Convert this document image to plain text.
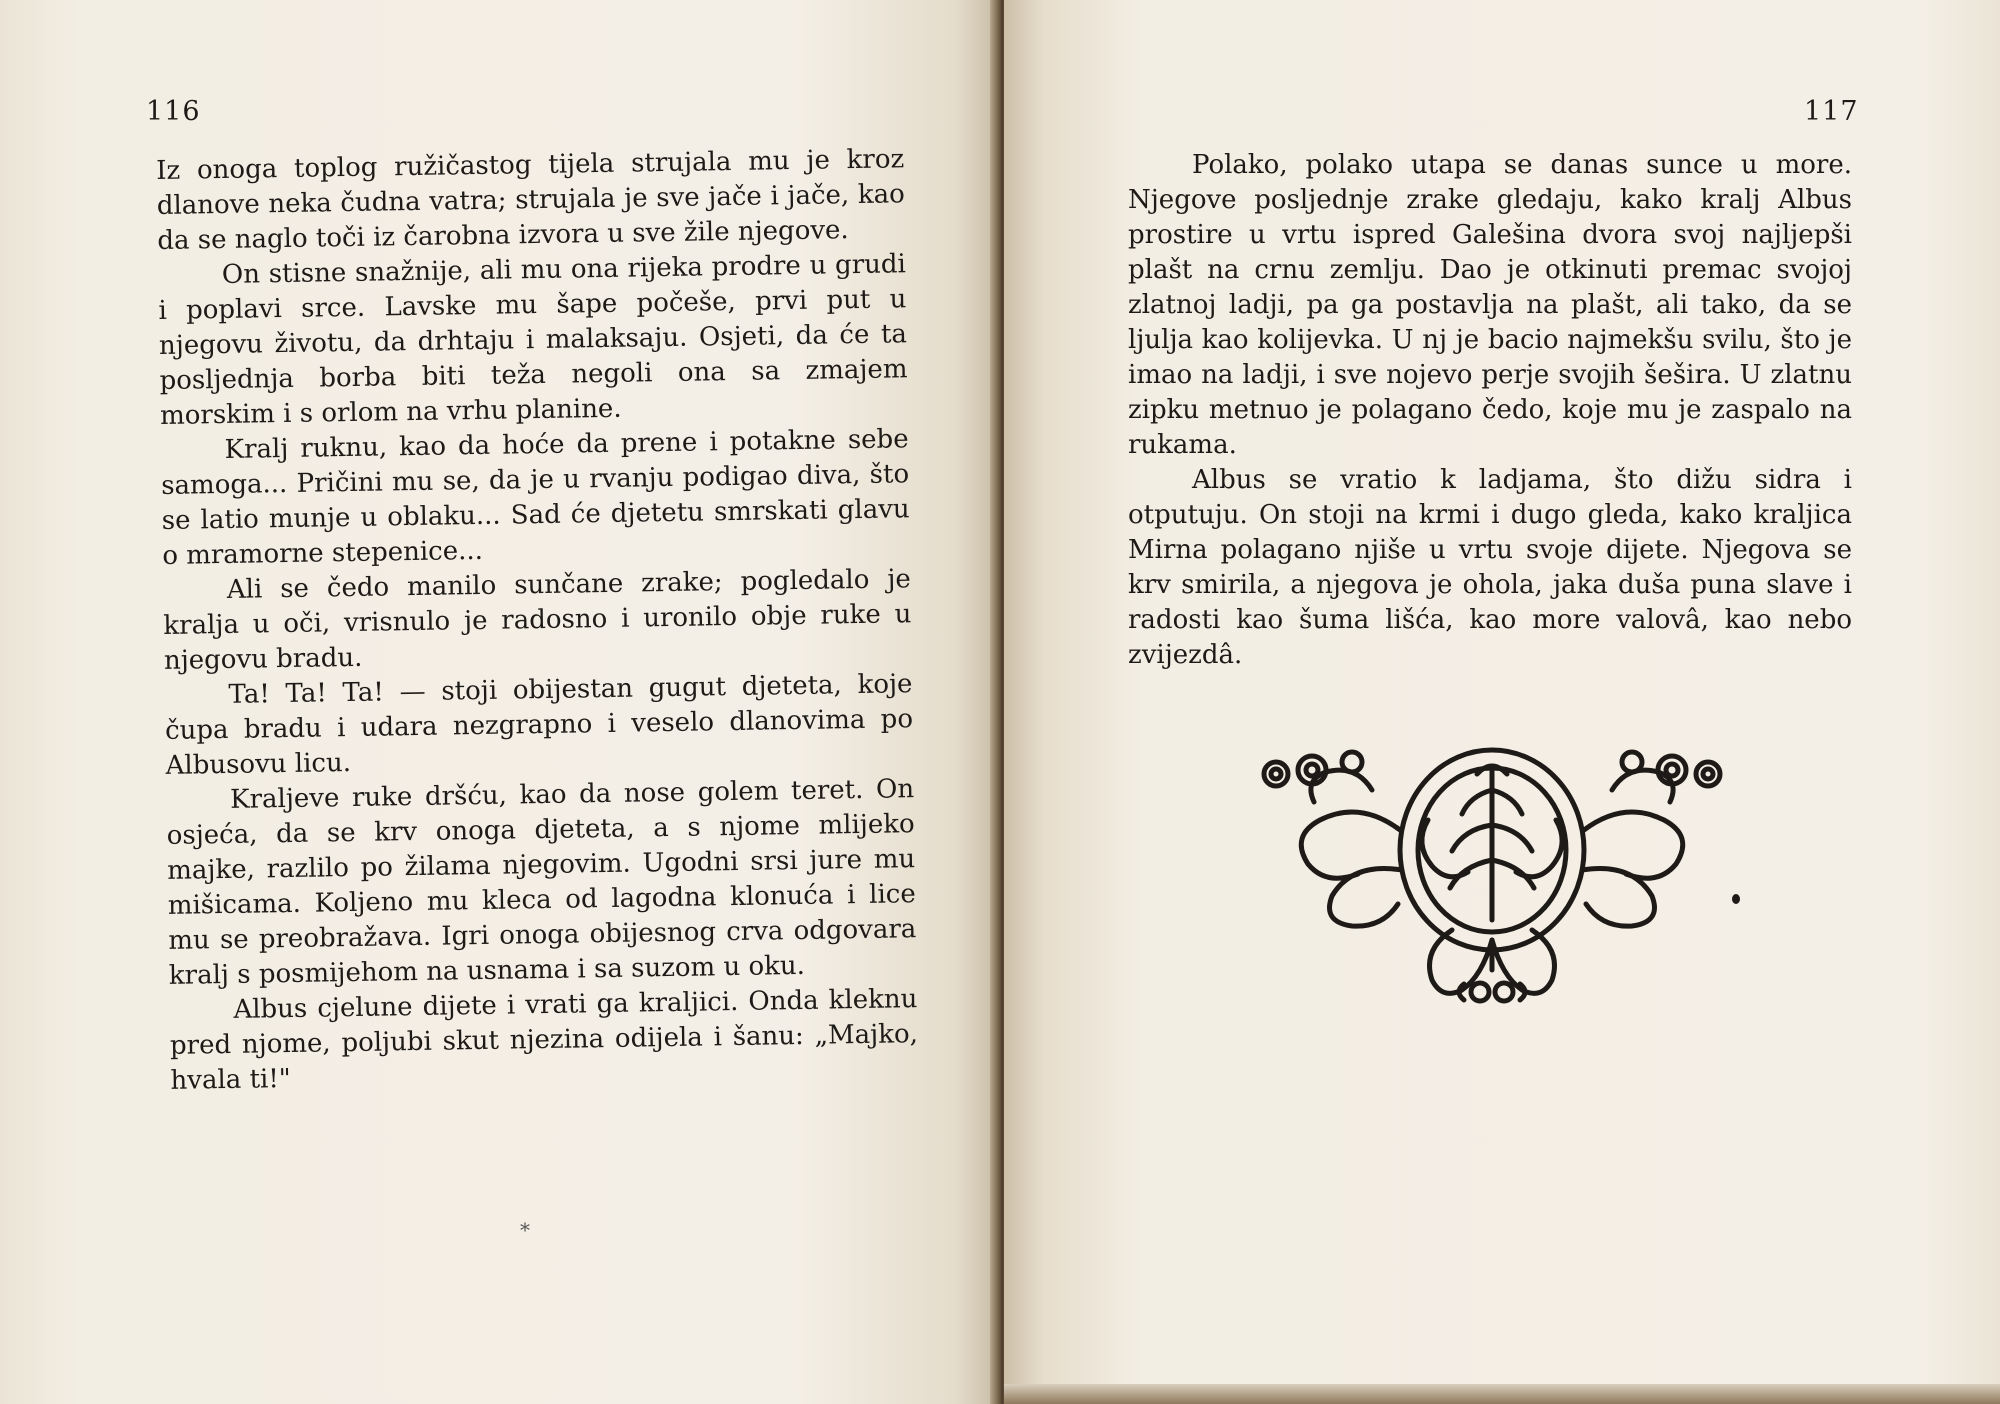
116

Iz onoga toplog ružičastog tijela strujala mu je kroz dlanove neka čudna vatra; strujala je sve jače i jače, kao da se naglo toči iz čarobna izvora u sve žile njegove.

On stisne snažnije, ali mu ona rijeka prodre u grudi i poplavi srce. Lavske mu šape počeše, prvi put u njegovu životu, da drhtaju i malaksaju. Osjeti, da će ta posljednja borba biti teža negoli ona sa zmajem morskim i s orlom na vrhu planine.

Kralj ruknu, kao da hoće da prene i potakne sebe samoga... Pričini mu se, da je u rvanju podigao diva, što se latio munje u oblaku... Sad će djetetu smrskati glavu o mramorne stepenice...

Ali se čedo manilo sunčane zrake; pogledalo je kralja u oči, vrisnulo je radosno i uronilo obje ruke u njegovu bradu.

Ta! Ta! Ta! — stoji obijestan gugut djeteta, koje čupa bradu i udara nezgrapno i veselo dlanovima po Albusovu licu.

Kraljeve ruke dršću, kao da nose golem teret. On osjeća, da se krv onoga djeteta, a s njome mlijeko majke, razlilo po žilama njegovim. Ugodni srsi jure mu mišicama. Koljeno mu kleca od lagodna klonuća i lice mu se preobražava. Igri onoga obijesnog crva odgovara kralj s posmijehom na usnama i sa suzom u oku.

Albus cjelune dijete i vrati ga kraljici. Onda kleknu pred njome, poljubi skut njezina odijela i šanu: „Majko, hvala ti!"

*
117

Polako, polako utapa se danas sunce u more. Njegove posljednje zrake gledaju, kako kralj Albus prostire u vrtu ispred Galešina dvora svoj najljepši plašt na crnu zemlju. Dao je otkinuti premac svojoj zlatnoj ladji, pa ga postavlja na plašt, ali tako, da se ljulja kao kolijevka. U nj je bacio najmekšu svilu, što je imao na ladji, i sve nojevo perje svojih šešira. U zlatnu zipku metnuo je polagano čedo, koje mu je zaspalo na rukama.

Albus se vratio k ladjama, što dižu sidra i otputuju. On stoji na krmi i dugo gleda, kako kraljica Mirna polagano njiše u vrtu svoje dijete. Njegova se krv smirila, a njegova je ohola, jaka duša puna slave i radosti kao šuma lišća, kao more valovâ, kao nebo zvijezdâ.
